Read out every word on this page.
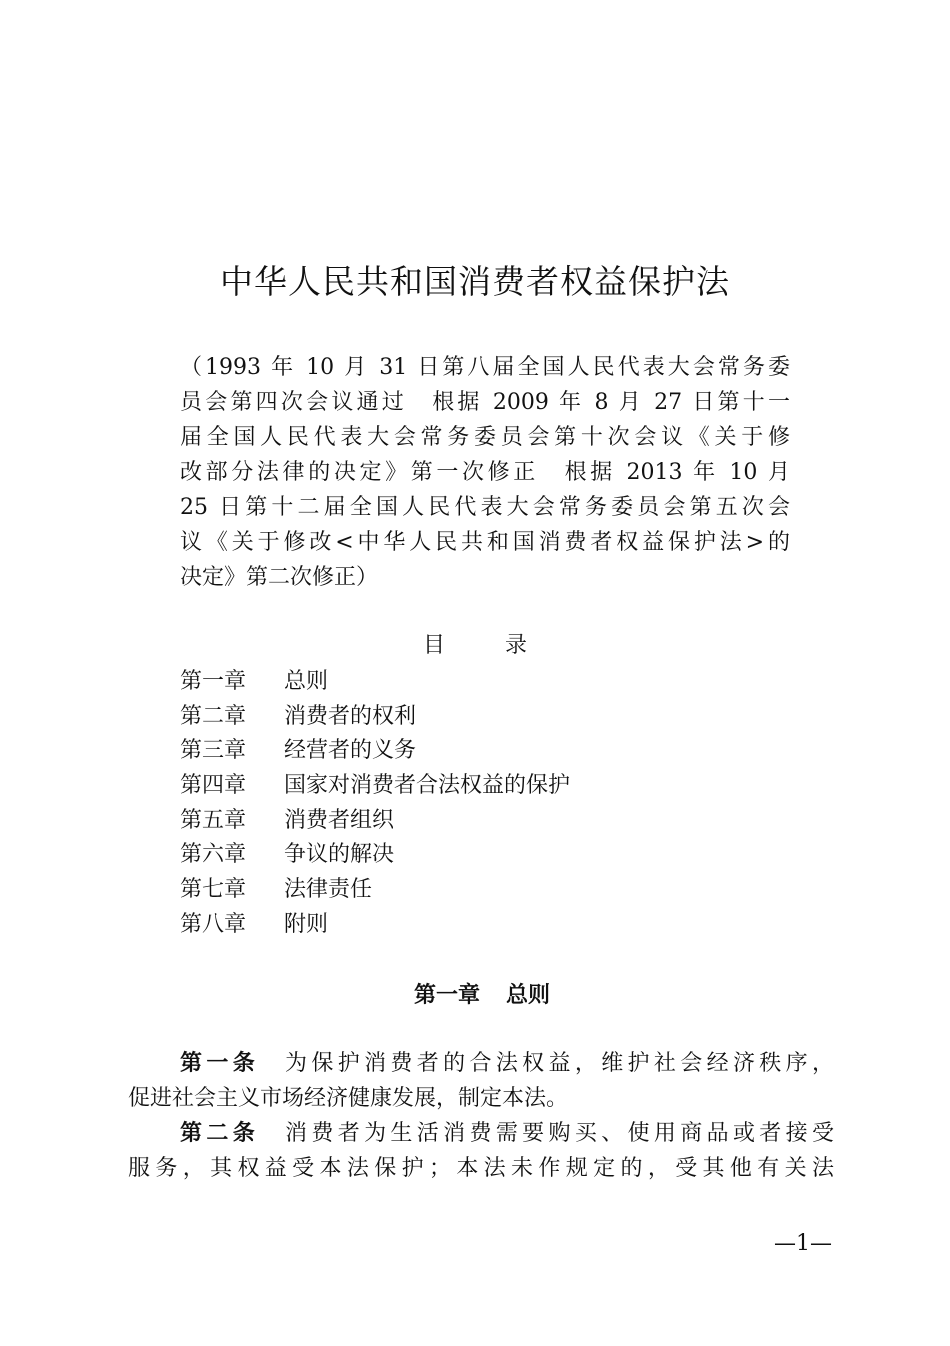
中华人民共和国消费者权益保护法
（1993 年 10 月 31 日第八届全国人民代表大会常务委
员会第四次会议通过　根据 2009 年 8 月 27 日第十一
届全国人民代表大会常务委员会第十次会议《关于修
改部分法律的决定》第一次修正　根据 2013 年 10 月
25 日第十二届全国人民代表大会常务委员会第五次会
议《关于修改<中华人民共和国消费者权益保护法>的
决定》第二次修正）
目	录
第一章 总则
第二章 消费者的权利
第三章 经营者的义务
第四章 国家对消费者合法权益的保护
第五章 消费者组织
第六章 争议的解决
第七章 法律责任
第八章 附则
第一章 总则
第一条 为保护消费者的合法权益，维护社会经济秩序，
促进社会主义市场经济健康发展，制定本法。
第二条 消费者为生活消费需要购买、使用商品或者接受
服务，其权益受本法保护；本法未作规定的，受其他有关法
—1—
